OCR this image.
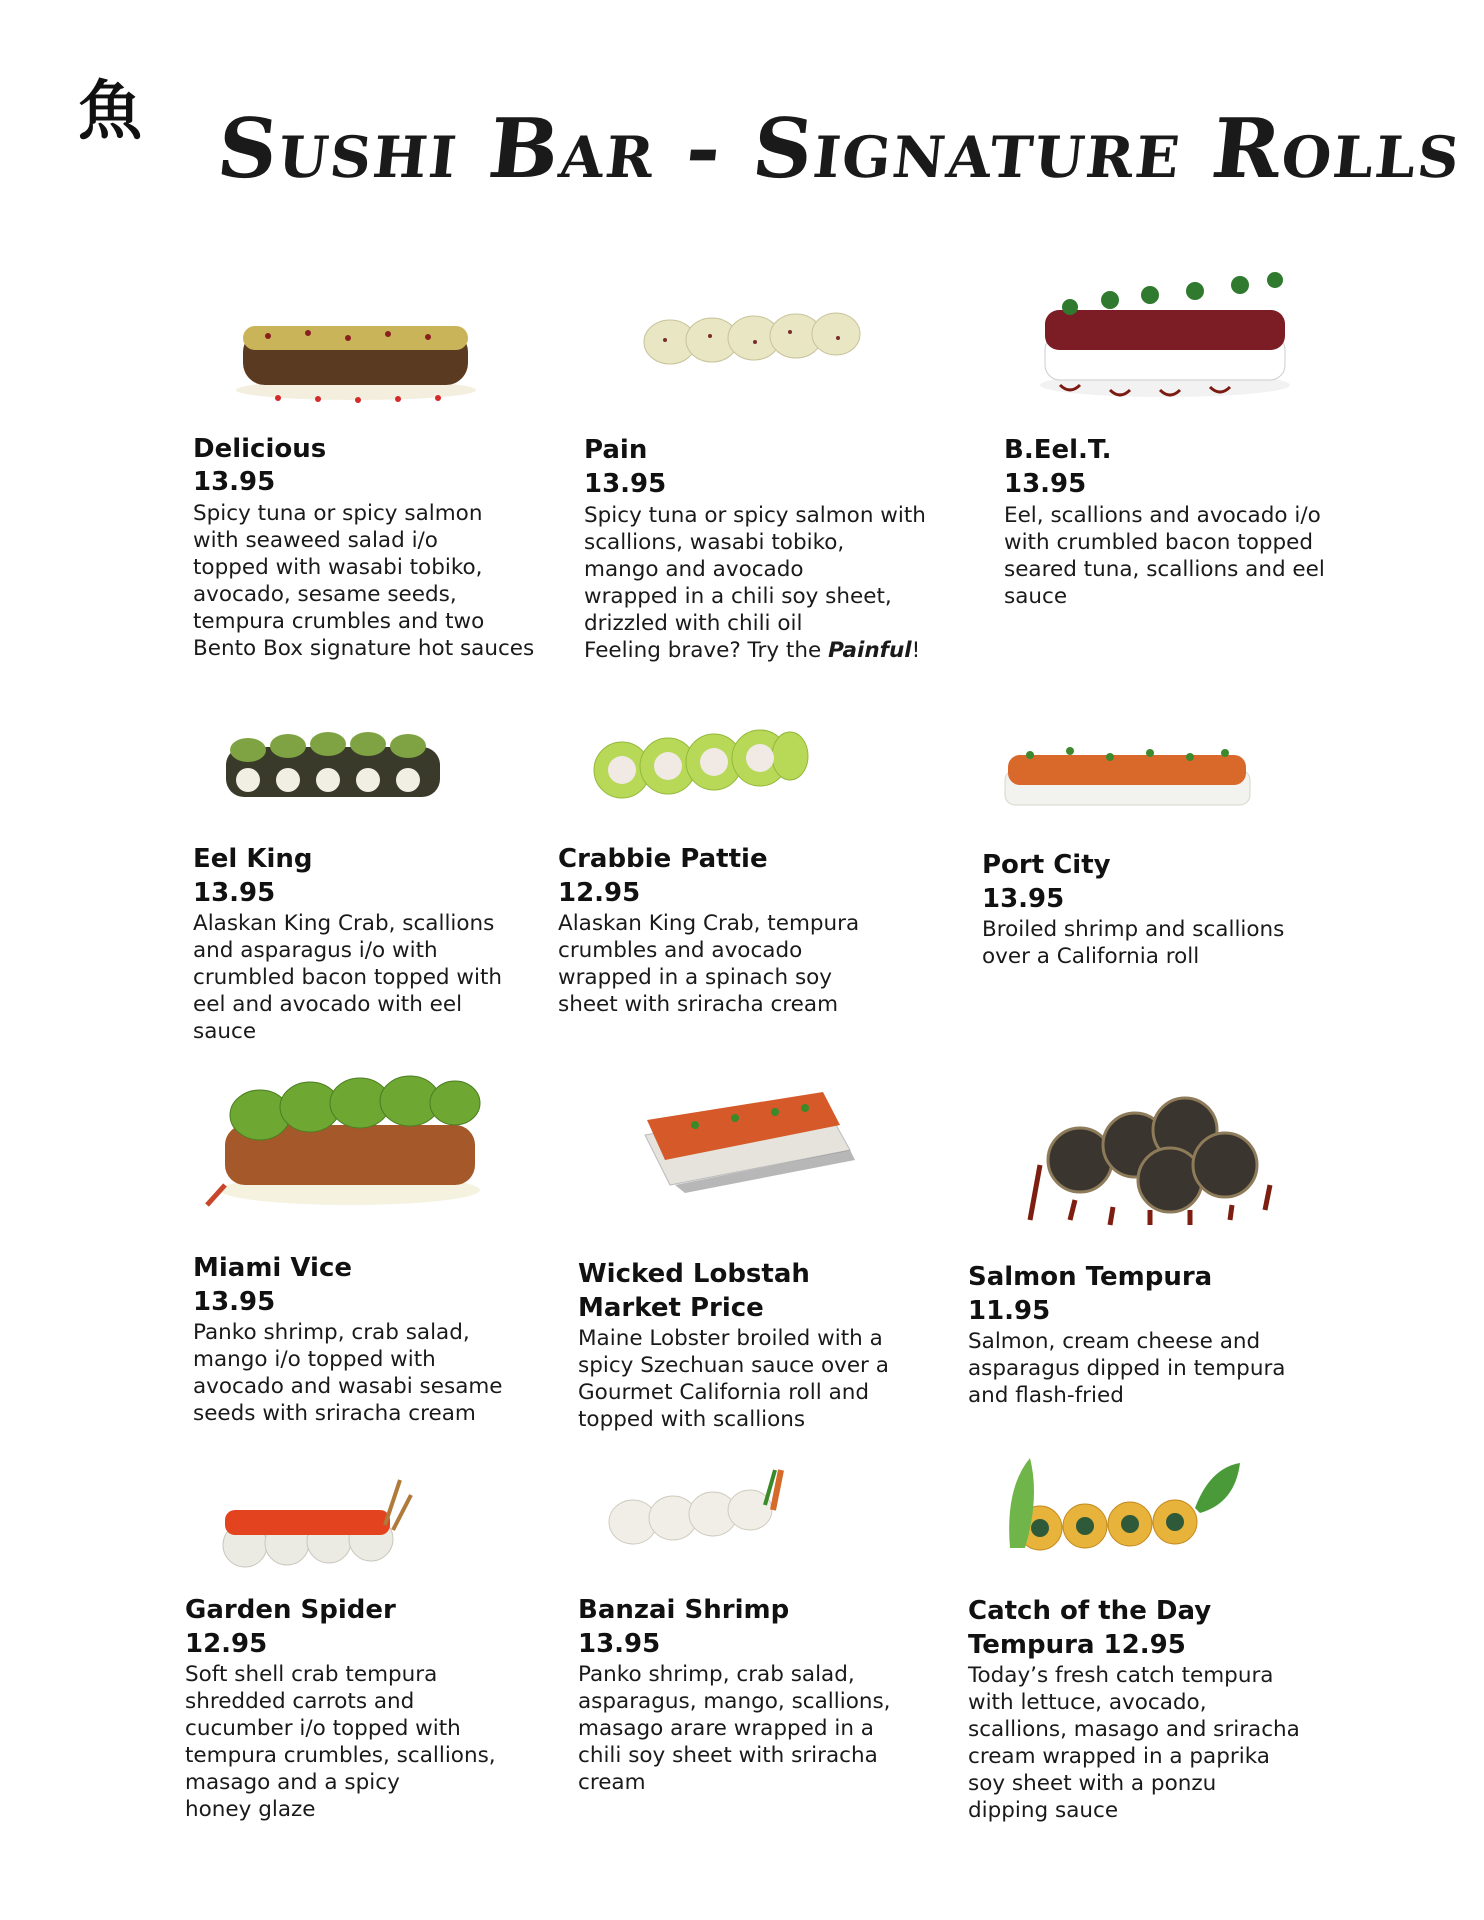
魚 Sushi Bar - Signature Rolls
Delicious
13.95
Spicy tuna or spicy salmon
with seaweed salad i/o
topped with wasabi tobiko,
avocado, sesame seeds,
tempura crumbles and two
Bento Box signature hot sauces
Pain
13.95
Spicy tuna or spicy salmon with
scallions, wasabi tobiko,
mango and avocado
wrapped in a chili soy sheet,
drizzled with chili oil
Feeling brave? Try the Painful!
B.Eel.T.
13.95
Eel, scallions and avocado i/o
with crumbled bacon topped
seared tuna, scallions and eel
sauce
Eel King
13.95
Alaskan King Crab, scallions
and asparagus i/o with
crumbled bacon topped with
eel and avocado with eel
sauce
Crabbie Pattie
12.95
Alaskan King Crab, tempura
crumbles and avocado
wrapped in a spinach soy
sheet with sriracha cream
Port City
13.95
Broiled shrimp and scallions
over a California roll
Miami Vice
13.95
Panko shrimp, crab salad,
mango i/o topped with
avocado and wasabi sesame
seeds with sriracha cream
Wicked Lobstah
Market Price
Maine Lobster broiled with a
spicy Szechuan sauce over a
Gourmet California roll and
topped with scallions
Salmon Tempura
11.95
Salmon, cream cheese and
asparagus dipped in tempura
and flash-fried
Garden Spider
12.95
Soft shell crab tempura
shredded carrots and
cucumber i/o topped with
tempura crumbles, scallions,
masago and a spicy
honey glaze
Banzai Shrimp
13.95
Panko shrimp, crab salad,
asparagus, mango, scallions,
masago arare wrapped in a
chili soy sheet with sriracha
cream
Catch of the Day
Tempura 12.95
Today’s fresh catch tempura
with lettuce, avocado,
scallions, masago and sriracha
cream wrapped in a paprika
soy sheet with a ponzu
dipping sauce
